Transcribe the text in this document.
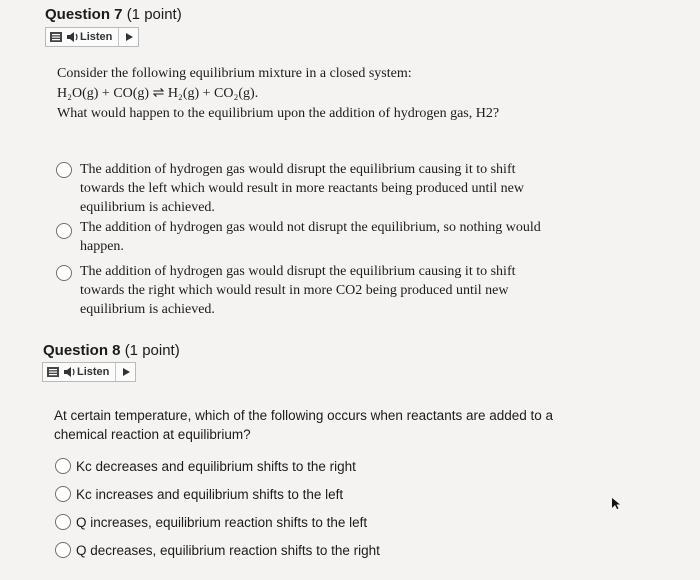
Question 7 (1 point)
Listen
Consider the following equilibrium mixture in a closed system:
H₂O(g) + CO(g) ⇌ H₂(g) + CO₂(g).
What would happen to the equilibrium upon the addition of hydrogen gas, H2?
The addition of hydrogen gas would disrupt the equilibrium causing it to shift towards the left which would result in more reactants being produced until new equilibrium is achieved.
The addition of hydrogen gas would not disrupt the equilibrium, so nothing would happen.
The addition of hydrogen gas would disrupt the equilibrium causing it to shift towards the right which would result in more CO2 being produced until new equilibrium is achieved.
Question 8 (1 point)
Listen
At certain temperature, which of the following occurs when reactants are added to a chemical reaction at equilibrium?
Kc decreases and equilibrium shifts to the right
Kc increases and equilibrium shifts to the left
Q increases, equilibrium reaction shifts to the left
Q decreases, equilibrium reaction shifts to the right
